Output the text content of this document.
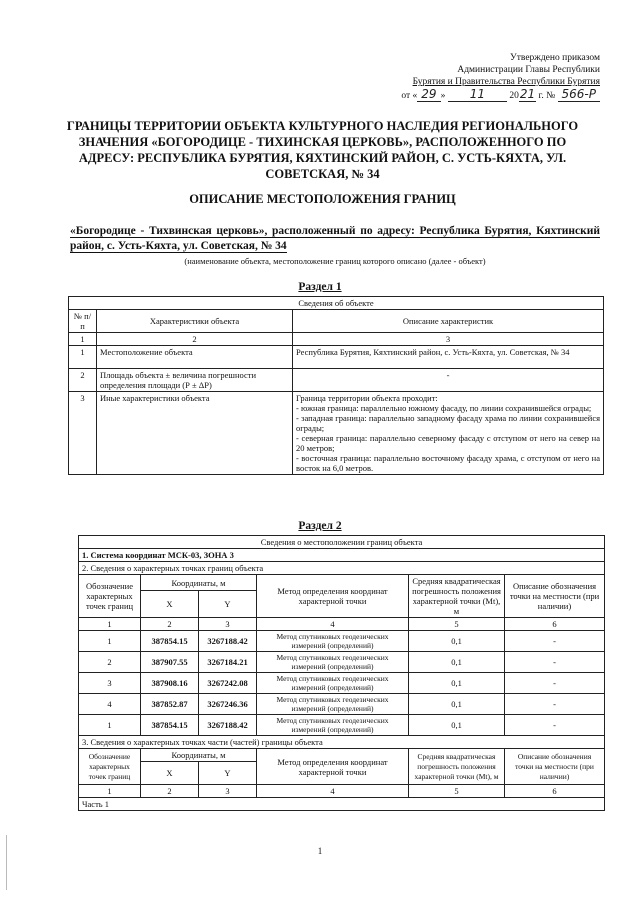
Утверждено приказом
Администрации Главы Республики
Бурятия и Правительства Республики Бурятия
от « 29 » 11	2021 г. № 566-Р
ГРАНИЦЫ ТЕРРИТОРИИ ОБЪЕКТА КУЛЬТУРНОГО НАСЛЕДИЯ РЕГИОНАЛЬНОГО ЗНАЧЕНИЯ «БОГОРОДИЦЕ - ТИХИНСКАЯ ЦЕРКОВЬ», РАСПОЛОЖЕННОГО ПО АДРЕСУ: РЕСПУБЛИКА БУРЯТИЯ, КЯХТИНСКИЙ РАЙОН, С. УСТЬ-КЯХТА, УЛ. СОВЕТСКАЯ, № 34
ОПИСАНИЕ МЕСТОПОЛОЖЕНИЯ ГРАНИЦ
«Богородице - Тихвинская церковь», расположенный по адресу: Республика Бурятия, Кяхтинский район, с. Усть-Кяхта, ул. Советская, № 34
(наименование объекта, местоположение границ которого описано (далее - объект)
Раздел 1
Сведения об объекте		
№ п/п	Характеристики объекта	Описание характеристик
1	2	3
1	Местоположение объекта	Республика Бурятия, Кяхтинский район, с. Усть-Кяхта, ул. Советская, № 34
2	Площадь объекта ± величина погрешности определения площади (Р ± ΔР)	-
3	Иные характеристики объекта	Граница территории объекта проходит:
- южная граница: параллельно южному фасаду, по линии сохранившейся ограды;
- западная граница: параллельно западному фасаду храма по линии сохранившейся ограды;
- северная граница: параллельно северному фасаду с отступом от него на север на 20 метров;
- восточная граница: параллельно восточному фасаду храма, с отступом от него на восток на 6,0 метров.
Раздел 2
Сведения о местоположении границ объекта					
1. Система координат МСК-03, ЗОНА 3					
2. Сведения о характерных точках границ объекта					
Обозначение характерных точек границ	Координаты, м		Метод определения координат характерной точки	Средняя квадратическая погрешность положения характерной точки (Mt), м	Описание обозначения точки на местности (при наличии)
	X	Y			
1	2	3	4	5	6
1	387854.15	3267188.42	Метод спутниковых геодезических измерений (определений)	0,1	-
2	387907.55	3267184.21	Метод спутниковых геодезических измерений (определений)	0,1	-
3	387908.16	3267242.08	Метод спутниковых геодезических измерений (определений)	0,1	-
4	387852.87	3267246.36	Метод спутниковых геодезических измерений (определений)	0,1	-
1	387854.15	3267188.42	Метод спутниковых геодезических измерений (определений)	0,1	-
3. Сведения о характерных точках части (частей) границы объекта					
Обозначение характерных точек границ	Координаты, м		Метод определения координат характерной точки	Средняя квадратическая погрешность положения характерной точки (Mt), м	Описание обозначения точки на местности (при наличии)
	X	Y			
1	2	3	4	5	6
Часть 1					
1
